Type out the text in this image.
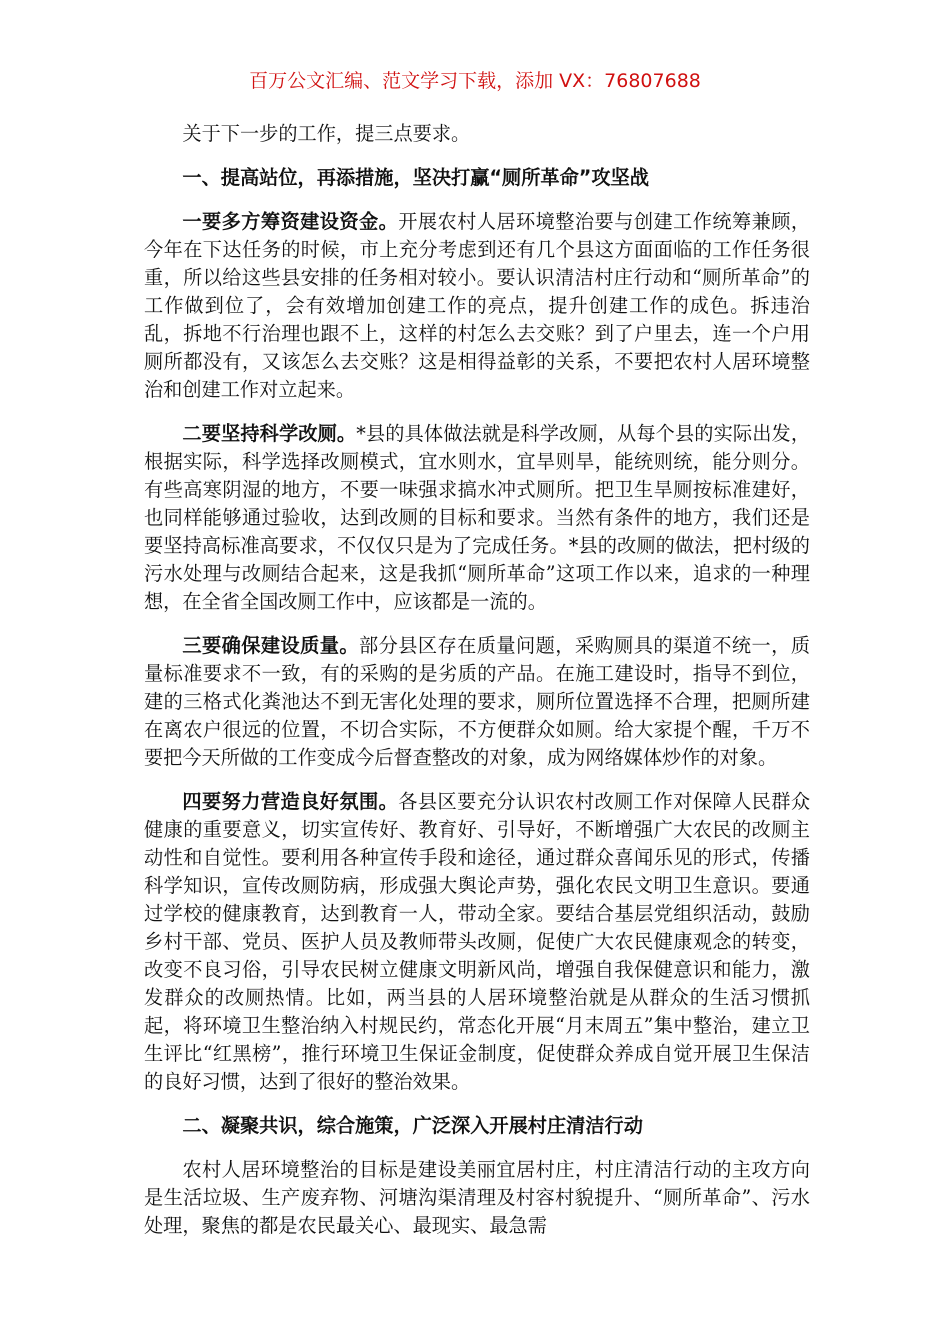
百万公文汇编、范文学习下载，添加 VX：76807688

关于下一步的工作，提三点要求。

一、提高站位，再添措施，坚决打赢“厕所革命”攻坚战

一要多方筹资建设资金。开展农村人居环境整治要与创建工作统筹兼顾，今年在下达任务的时候，市上充分考虑到还有几个县这方面面临的工作任务很重，所以给这些县安排的任务相对较小。要认识清洁村庄行动和“厕所革命”的工作做到位了，会有效增加创建工作的亮点，提升创建工作的成色。拆违治乱，拆地不行治理也跟不上，这样的村怎么去交账？到了户里去，连一个户用厕所都没有，又该怎么去交账？这是相得益彰的关系，不要把农村人居环境整治和创建工作对立起来。

二要坚持科学改厕。*县的具体做法就是科学改厕，从每个县的实际出发，根据实际，科学选择改厕模式，宜水则水，宜旱则旱，能统则统，能分则分。有些高寒阴湿的地方，不要一味强求搞水冲式厕所。把卫生旱厕按标准建好，也同样能够通过验收，达到改厕的目标和要求。当然有条件的地方，我们还是要坚持高标准高要求，不仅仅只是为了完成任务。*县的改厕的做法，把村级的污水处理与改厕结合起来，这是我抓“厕所革命”这项工作以来，追求的一种理想，在全省全国改厕工作中，应该都是一流的。

三要确保建设质量。部分县区存在质量问题，采购厕具的渠道不统一，质量标准要求不一致，有的采购的是劣质的产品。在施工建设时，指导不到位，建的三格式化粪池达不到无害化处理的要求，厕所位置选择不合理，把厕所建在离农户很远的位置，不切合实际，不方便群众如厕。给大家提个醒，千万不要把今天所做的工作变成今后督查整改的对象，成为网络媒体炒作的对象。

四要努力营造良好氛围。各县区要充分认识农村改厕工作对保障人民群众健康的重要意义，切实宣传好、教育好、引导好，不断增强广大农民的改厕主动性和自觉性。要利用各种宣传手段和途径，通过群众喜闻乐见的形式，传播科学知识，宣传改厕防病，形成强大舆论声势，强化农民文明卫生意识。要通过学校的健康教育，达到教育一人，带动全家。要结合基层党组织活动，鼓励乡村干部、党员、医护人员及教师带头改厕，促使广大农民健康观念的转变，改变不良习俗，引导农民树立健康文明新风尚，增强自我保健意识和能力，激发群众的改厕热情。比如，两当县的人居环境整治就是从群众的生活习惯抓起，将环境卫生整治纳入村规民约，常态化开展“月末周五”集中整治，建立卫生评比“红黑榜”，推行环境卫生保证金制度，促使群众养成自觉开展卫生保洁的良好习惯，达到了很好的整治效果。

二、凝聚共识，综合施策，广泛深入开展村庄清洁行动

农村人居环境整治的目标是建设美丽宜居村庄，村庄清洁行动的主攻方向是生活垃圾、生产废弃物、河塘沟渠清理及村容村貌提升、“厕所革命”、污水处理，聚焦的都是农民最关心、最现实、最急需
